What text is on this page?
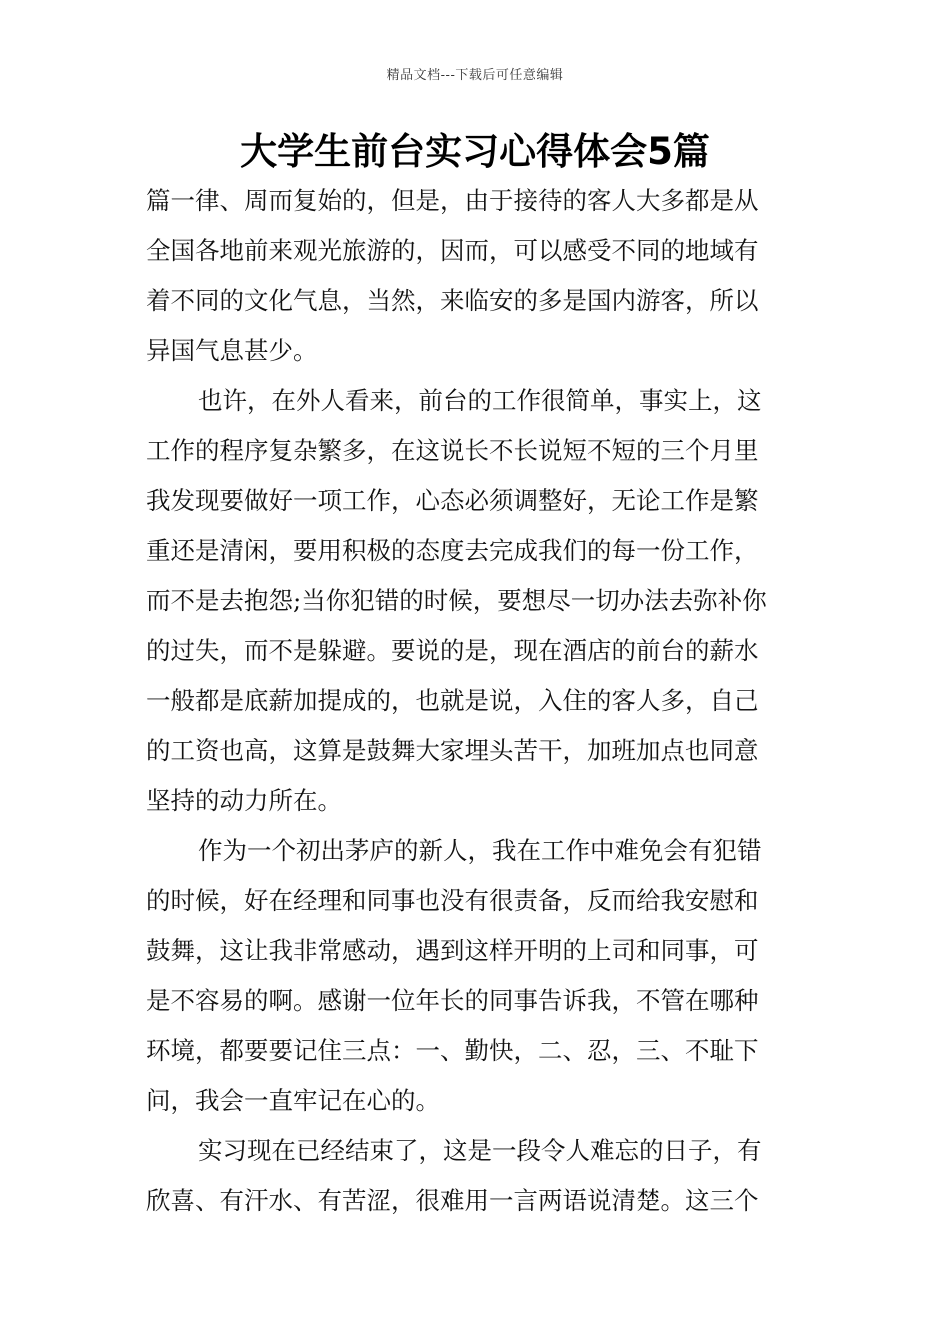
精品文档---下载后可任意编辑
大学生前台实习心得体会5篇
篇一律、周而复始的，但是，由于接待的客人大多都是从
全国各地前来观光旅游的，因而，可以感受不同的地域有
着不同的文化气息，当然，来临安的多是国内游客，所以
异国气息甚少。
也许，在外人看来，前台的工作很简单，事实上，这
工作的程序复杂繁多，在这说长不长说短不短的三个月里
我发现要做好一项工作，心态必须调整好，无论工作是繁
重还是清闲，要用积极的态度去完成我们的每一份工作，
而不是去抱怨;当你犯错的时候，要想尽一切办法去弥补你
的过失，而不是躲避。要说的是，现在酒店的前台的薪水
一般都是底薪加提成的，也就是说，入住的客人多，自己
的工资也高，这算是鼓舞大家埋头苦干，加班加点也同意
坚持的动力所在。
作为一个初出茅庐的新人，我在工作中难免会有犯错
的时候，好在经理和同事也没有很责备，反而给我安慰和
鼓舞，这让我非常感动，遇到这样开明的上司和同事，可
是不容易的啊。感谢一位年长的同事告诉我，不管在哪种
环境，都要要记住三点：一、勤快，二、忍，三、不耻下
问，我会一直牢记在心的。
实习现在已经结束了，这是一段令人难忘的日子，有
欣喜、有汗水、有苦涩，很难用一言两语说清楚。这三个
